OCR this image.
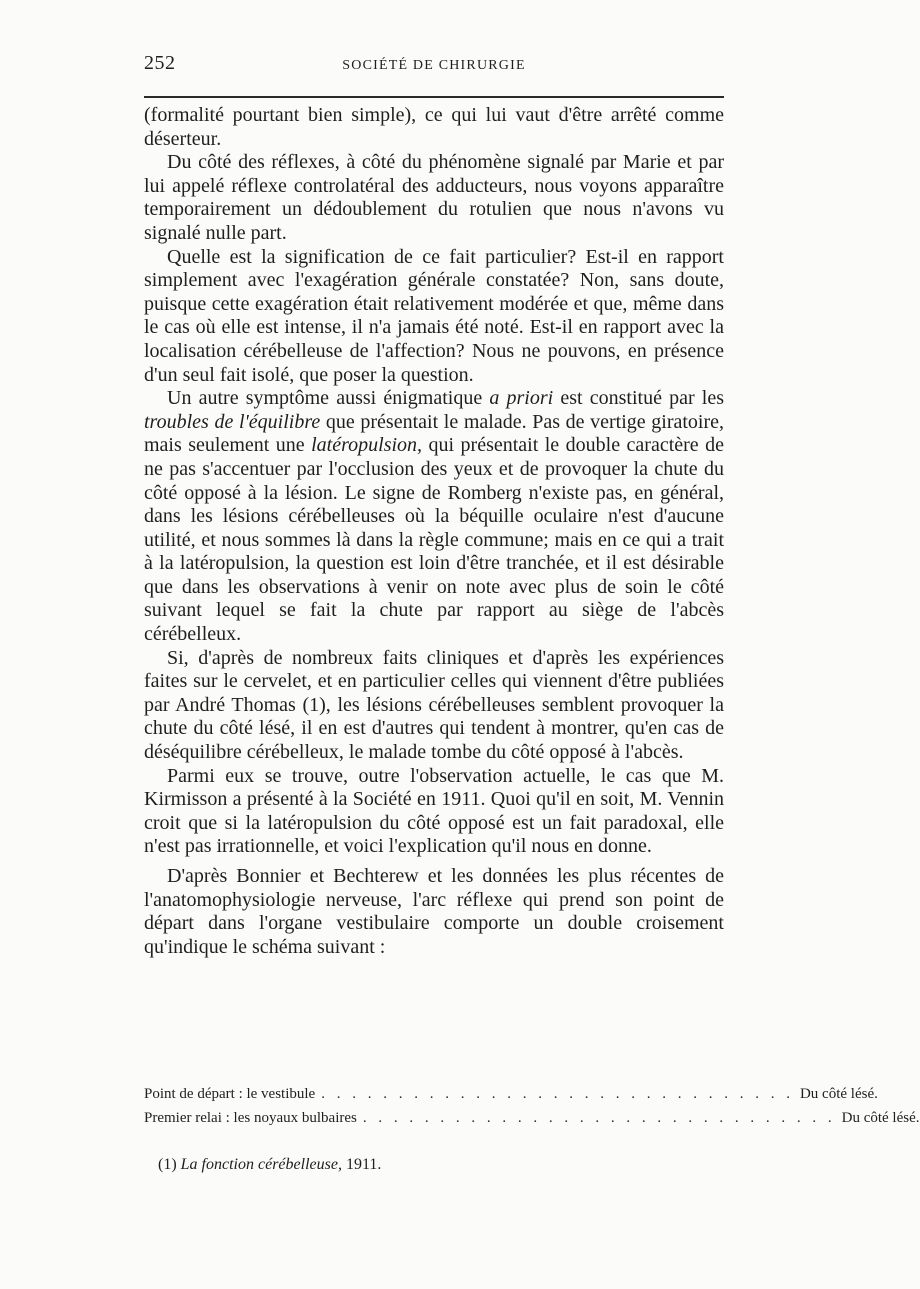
252	SOCIÉTÉ DE CHIRURGIE

(formalité pourtant bien simple), ce qui lui vaut d'être arrêté comme déserteur.

Du côté des réflexes, à côté du phénomène signalé par Marie et par lui appelé réflexe controlatéral des adducteurs, nous voyons apparaître temporairement un dédoublement du rotulien que nous n'avons vu signalé nulle part.

Quelle est la signification de ce fait particulier? Est-il en rapport simplement avec l'exagération générale constatée? Non, sans doute, puisque cette exagération était relativement modérée et que, même dans le cas où elle est intense, il n'a jamais été noté. Est-il en rapport avec la localisation cérébelleuse de l'affection? Nous ne pouvons, en présence d'un seul fait isolé, que poser la question.

Un autre symptôme aussi énigmatique a priori est constitué par les troubles de l'équilibre que présentait le malade. Pas de vertige giratoire, mais seulement une latéropulsion, qui présentait le double caractère de ne pas s'accentuer par l'occlusion des yeux et de provoquer la chute du côté opposé à la lésion. Le signe de Romberg n'existe pas, en général, dans les lésions cérébelleuses où la béquille oculaire n'est d'aucune utilité, et nous sommes là dans la règle commune; mais en ce qui a trait à la latéropulsion, la question est loin d'être tranchée, et il est désirable que dans les observations à venir on note avec plus de soin le côté suivant lequel se fait la chute par rapport au siège de l'abcès cérébelleux.

Si, d'après de nombreux faits cliniques et d'après les expériences faites sur le cervelet, et en particulier celles qui viennent d'être publiées par André Thomas (1), les lésions cérébelleuses semblent provoquer la chute du côté lésé, il en est d'autres qui tendent à montrer, qu'en cas de déséquilibre cérébelleux, le malade tombe du côté opposé à l'abcès.

Parmi eux se trouve, outre l'observation actuelle, le cas que M. Kirmisson a présenté à la Société en 1911. Quoi qu'il en soit, M. Vennin croit que si la latéropulsion du côté opposé est un fait paradoxal, elle n'est pas irrationnelle, et voici l'explication qu'il nous en donne.

D'après Bonnier et Bechterew et les données les plus récentes de l'anatomophysiologie nerveuse, l'arc réflexe qui prend son point de départ dans l'organe vestibulaire comporte un double croisement qu'indique le schéma suivant :

Point de départ : le vestibule . . . . . . . . . . . . . . . . . . . . . . . . . . . . . . . Du côté lésé.
Premier relai : les noyaux bulbaires . . . . . . . . . . . . . . . . . . . . . . . . . . . . . . . Du côté lésé.
(1) La fonction cérébelleuse, 1911.
